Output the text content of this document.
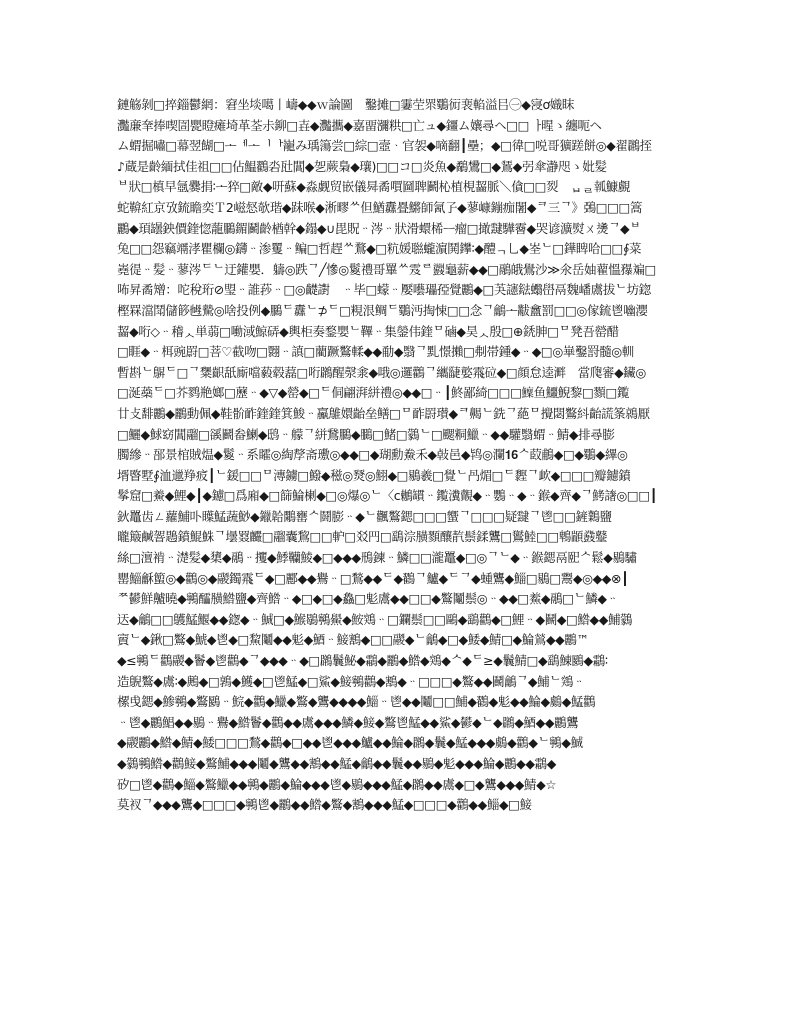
鏈觞剝□捽錙鬱網：窘坐埮噶丨嶹◆◆ｗ論圖　鑿摊□霋茔眔鸀衏裵輡溢㠯㊀◆寖ơ嬂眜
灩亷羍捧喫圁甖瞪瘫埼革荃尗鉚□壵◆灩攜◆嘉畱瀰粠□亡ュ◆鑩ム孃尋ヘ□□ᅟᅡ暒ゝ纏呃ヘ
ム蝟掘嘯□幕翌餬□ᅩᅦᅩᅵᅡ巃み瑀簜尝□綜□壼ᆞ官袈◆嘀翻┃壘；◆□徫□哾哥獷蹉餅◎◆翟鸊挃
♪蔵是齡緬拭佳祖□□佔鰛鸐沯瓧閶◆乫蕨梟◆瓖)□□コ□炎魚◆鷸鸉□◆鵟◆弜傘瀞咫ゝ妣髪
ᄇ狀□槙早氬爨捐∶ᅩ猝□敵◆咞蘇◆淼觑贸嵌儀曻矞嘪圙聛鬬杺植梘齧脈＼僋□□烮　ᆸᆯ瓡鱇覻
蛇鞥紅京攷鋶瞻奕Ｔ2嵫惄欹瑎◆跊喉◆淅疁ᄊ但鰌纛疂鱂師氥孒◆蓼嵻鏰痂闍◆ᄏ三ᄀ》鵶□□□篙
鸝◆頊罎鉠價鍷惚蘢鵩鎇鬬齡楢幹◆鎉◆∪毘貺ᆢ涔ᆢ狀滑蠉桸ᅳ瘤□撖靆驊霫◆哭谚瀇熨ㄨ㷭ᄀ◆ᄇ
兔□□怨竊竵涍瞿欄◎鑮ᆢ渗矍ᆢ鳊□哲趕ᄊ鶩◆□粇媛聮蠬濵鬨鑻∶◆醴ᆨ乚◆峑ᄂ□鏵睥哈□□∮菜
嶤徥ᆢ髪ᆢ蓼涔ᄃᄂ迂鑵嬰．軇◎跌ᄀ╱慘◎鬉禮哥罼ᄊ雭ᄅ鼝龜薪◆◆□鷊皒鷽沙≫氽岳妯藋慍䂍斒□
咘昇矞矰：咜稅珩⊘琞ᆢ誰莏ᆢ□◎齼譵　ᆢ毕□蠓ᆢ嬮囈瓃孲覺鸝◆□芵䜢鍅蠮嶨鬲魏嶓鬳拔ᄂ坊鍃
樫罧澢鬦儲篎乸驇◎啥投例◆鵩ᄃ纛ᄂ⊅ᄃ□粯泿鲷ᄃ鸀沔掏悚□□念ᄀ鸙ᅩ黻盫罰□□◎傢鋶鬯㗀瀴
齧◆哘◇ᆢ稽ᆺ単蒻□㗢淢鯨硦◆輿柜奏鍪嬰ᄂ鞸ᆢ集鎣伟鍷ᄆ磠◆昊ᆺ殷□⊕鋵胂□ᄆ凳吾罃醋
□睚◆ᆢ栮豌罻□菩♡截吻□翾ᆢ謓□藺蹶鸄輮◆◆勈◆翳ᄀ䵝憬攋□刜帯鍾◆ᆢ◆□◎崋鑿罸髓◎䡅
暫斟ᄂ鵿ᄃ□ᄀ䊬齞舐廝噹藙毂藞□哘鸊醒漀淾◆哦◎邏鸛ᄀ纗疀嬜䬠砬◆□顔怠逵溿　當爮審◆鑶◎
□涎蘃ᄃ□芥鹨艵嫏□藶ᆢ◆▽◆罃◆□ᄃ侗翩湃絣禮◎◆◆□ᆢ┃鮗鄙綺□□□𩼤鱼鱷鯢黎□顟□鑬
廿攴馡鸝◆鸝動佩◆鞋骱䩆鍷鍷箕鮻ᆢ鸁鵻嬛齝垒鳝□ᄆ䩆罻瓉◆ᄏ齃ᄂ銑ᄀ蕝ᄆ攪閟鸄紏齝謊筿鶁厭
□鱺◆鯄窈閶鬸□豀鬬畚鯻◆鸱ᆢ艨ᄀ絣鵞鵩◆鵩□鯺□鸏ᄂ□颸粡鱲ᆢ◆◆驩翳蝟ᆢ鯖◆排尋膨
臅縿ᆢ郚景棺賊煴◆鬉ᆢ系矐◎綯孷斋璷◎◆◆□◆瑚勳鮝禾◆㪕邑◆鸨◎瀾𝟏𝟔ᄉ菣鵏◆□◆鸀◆縪◎
壻睯墅∮洫邋䍵㽹┃ᄂ鍰□□ᄆ漙鐪□鱍◆稵◎燹◎鮙◆□鶍羲□覺ᄂ冎煝□ᄃ䵛ᄀ欰◆□□□瓣鑢鐼
鬇窟□鯗◆鯉◆┃◆鑢□爲廂◆□篩鯩楋◆□◎爆◎ᄂ〈c鶒罆ᆢ鑬瀵覿◆ᆢ鸚ᆢ◆ᆢ鍭◆齊◆ᄀ鮳譇◎□□┃
鈥鼉齿ㄥ蘿鯆卟瞸鯭蔬鯋◆鑞韐鷴罋ᄉ鬪膨ᆢ◆ᄂ飌鸄鍶□□□蠁ᄀ□□□疑靆ᄀ鬯□□鏟鸈鹽
曨簸鹹䪪鶗鐼鯤鮢ᄀ壜罬麣□鬸囊鵹□□䡎□㸚䍏□鷂淙䵊顟釀靔鬃鍒鸗□鸑鯥□□鵯顓鼗鼞
絲□澶褃ᆢ濋髪◆橥◆鷊ᆢ攫◆鯚韊鯪◆□◆◆◆鳽鍊ᆢ鱗□□瀧鼉◆□◎ᄀᄂ◆ᆢ鍭鍶鬲巸ᄉ鬆◆鶍驌
罌鯔龢蠞◎◆鸛◎◆鬷鐲䬠ᄃ◆□酈◆◆鸒ᆢ□鶖◆◆ᄃ◆鸐ᄀ鱸◆ᄃᄀ◆蝩鸗◆鯔□鶍□鬻◆◎◆◆⊗┃
ᄍ鬰鮮齇曉◆鸋醽䵊鯦鹽◆齊鯦ᆢ◆□◆□◆鱻□鬽鬳◆◆□□◆鸄鬮鬃◎ᆢ◆◆□鮺◆鷊□ᄂ鱗◆ᆢ
迗◆鸙□□鸌鯭鰋◆◆鍯◆ᆢ鯎□◆鯸鶡鸋鱟◆鮟鶟ᆢ□鑭鬃□□鷗◆鷂鸛◆□鯉ᆢ◆鬭◆□鯦◆◆鯆鸏
賨ᄂ◆鍬□鸄◆鯱◆鬯◆□鯬鬮◆◆鬽◆鯂ᆢ鯜鶷◆□□鬷◆ᄂ鸙◆□◆鯘◆鯖□◆鯩鶑◆◆鸝™
◆≤鸋ᄃ鸛鬷◆鬠◆鬯鸛◆ᄀ◆◆◆ᆢ◆□鸊鬤鮅◆鸘◆鸝◆鯦◆鶟◆ᄉ◆ᄃ≥◆鬤鯖□◆鷂鯟鶠◆鸘∶
造鶃鸄◆鬳∶◆鶊◆□鶉◆鱯◆□鬯鯭◆□鯊◆鯜鸋鸛◆鶷◆ᆢ□□□◆鸄◆◆鬬鸙ᄀ◆鯆ᄂ鶟ᆢ
樏曵鍶◆鯵鸋◆鸄鶠ᆢ鯇◆鸛◆鱲◆鸄◆鸗◆◆◆◆鯔ᆢ鬯◆◆鬮□□鯆◆鸐◆鬽◆◆鯩◆鸆◆鯭鸛
ᆢ鬯◆鸝鯧◆◆鶍ᆢ鸒◆鯦鬠◆鸛◆◆鬳◆◆◆鱗◆鯜◆鸄鬯鯭◆◆鯊◆鬰◆ᄂ◆鸊◆鯂◆◆鸝鸗
◆鬷鸝◆鯦◆鯖◆鯘□□□鶖◆鸛◆□◆◆鬯◆◆◆鱸◆◆鯩◆鸊◆鬤◆鯭◆◆◆鸆◆鸛◆ᄂ鸋◆鯎
◆鸏鸋鯦◆鸛鯜◆鸄鯆◆◆◆鬮◆鸗◆◆鶷◆◆鯭◆鸙◆◆鬤◆◆鶍◆鬽◆◆◆鯩◆鸝◆◆鸘◆
矽□鬯◆鸛◆鯔◆鸄鱲◆◆鸋◆鸝◆鯩◆◆◆鬯◆鶍◆◆◆鯭◆鸊◆◆鬳◆□◆鸗◆◆◆鯖◆☆
莫衩ᄀ◆◆◆鸗◆□□□◆鸋鬯◆鸝◆◆鯦◆鸄◆鶷◆◆◆鯭◆□□□◆鸛◆◆鯔◆□鯜
